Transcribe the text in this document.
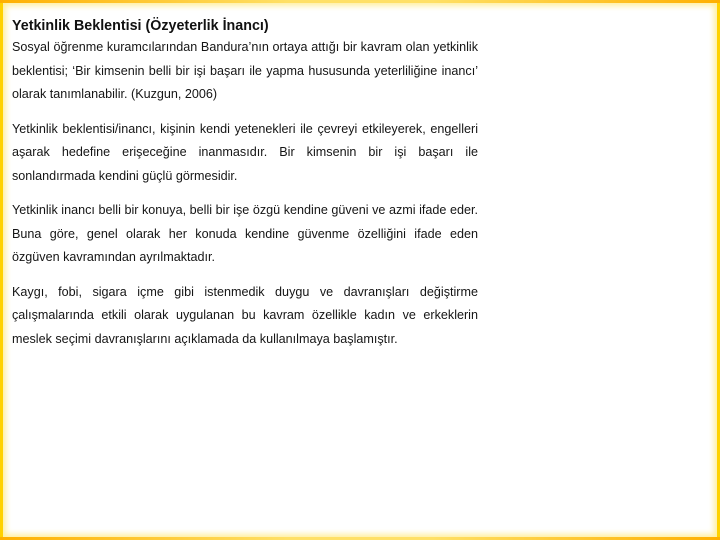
Yetkinlik Beklentisi (Özyeterlik İnancı)

Sosyal öğrenme kuramcılarından Bandura’nın ortaya attığı bir kavram olan yetkinlik beklentisi; ‘Bir kimsenin belli bir işi başarı ile yapma hususunda yeterliliğine inancı’ olarak tanımlanabilir. (Kuzgun, 2006)

Yetkinlik beklentisi/inancı, kişinin kendi yetenekleri ile çevreyi etkileyerek, engelleri aşarak hedefine erişeceğine inanmasıdır. Bir kimsenin bir işi başarı ile sonlandırmada kendini güçlü görmesidir.

Yetkinlik inancı belli bir konuya, belli bir işe özgü kendine güveni ve azmi ifade eder. Buna göre, genel olarak her konuda kendine güvenme özelliğini ifade eden özgüven kavramından ayrılmaktadır.

Kaygı, fobi, sigara içme gibi istenmedik duygu ve davranışları değiştirme çalışmalarında etkili olarak uygulanan bu kavram özellikle kadın ve erkeklerin meslek seçimi davranışlarını açıklamada da kullanılmaya başlamıştır.
